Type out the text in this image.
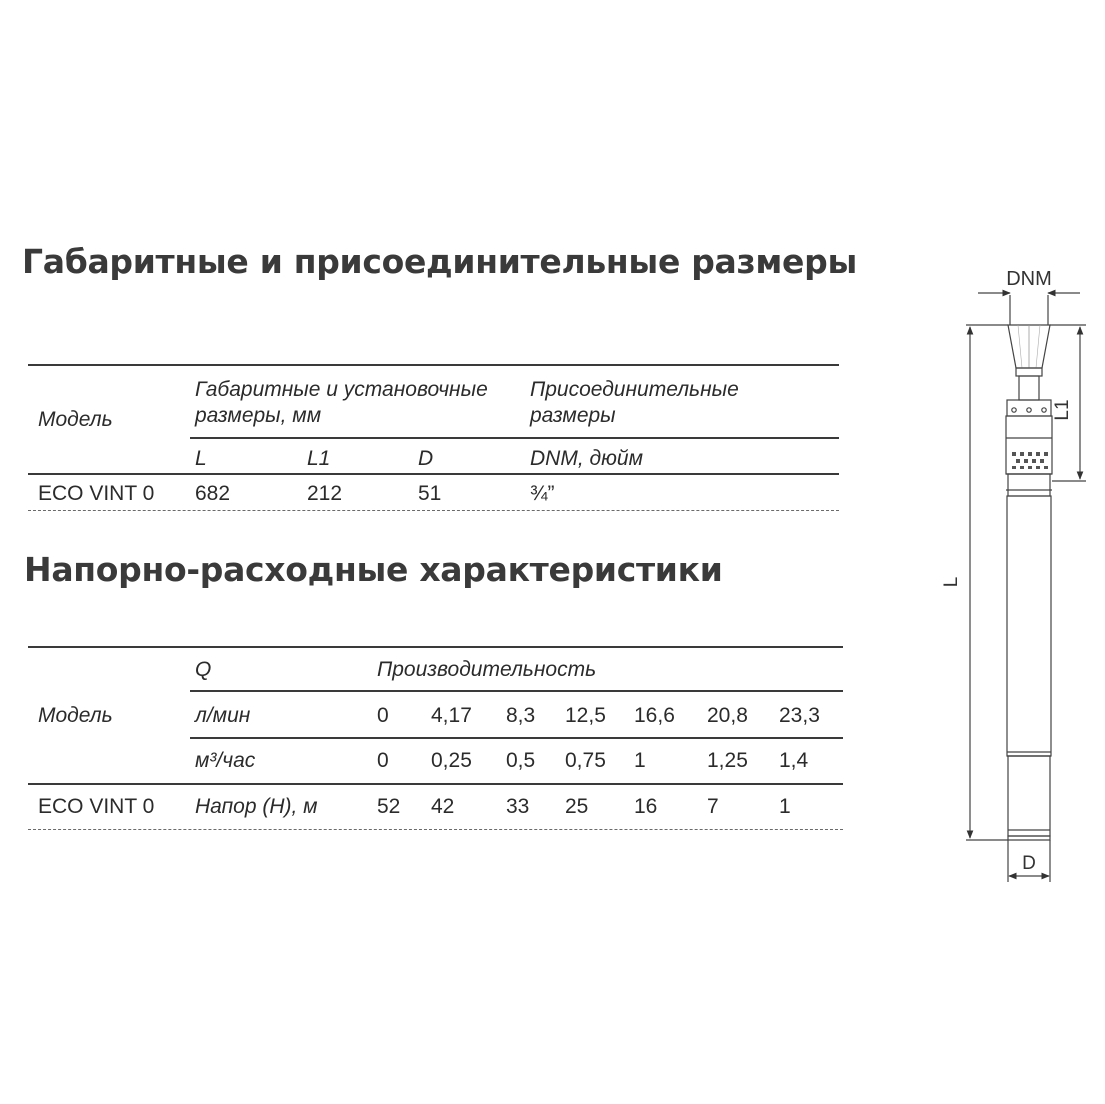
Габаритные и присоединительные размеры
Модель
Габаритные и установочные
размеры, мм
Присоединительные
размеры
L	L1	D	DNM, дюйм
ECO VINT 0 682	212	51	¾”
Напорно-расходные характеристики
Q	Производительность
Модель	л/мин	0 4,17 8,3 12,5 16,6 20,8 23,3
м³/час	0 0,25 0,5 0,75 1	1,25 1,4
ECO VINT 0 Напор (Н), м	52 42 33 25 16 7	1
DNM
L1
L
D
